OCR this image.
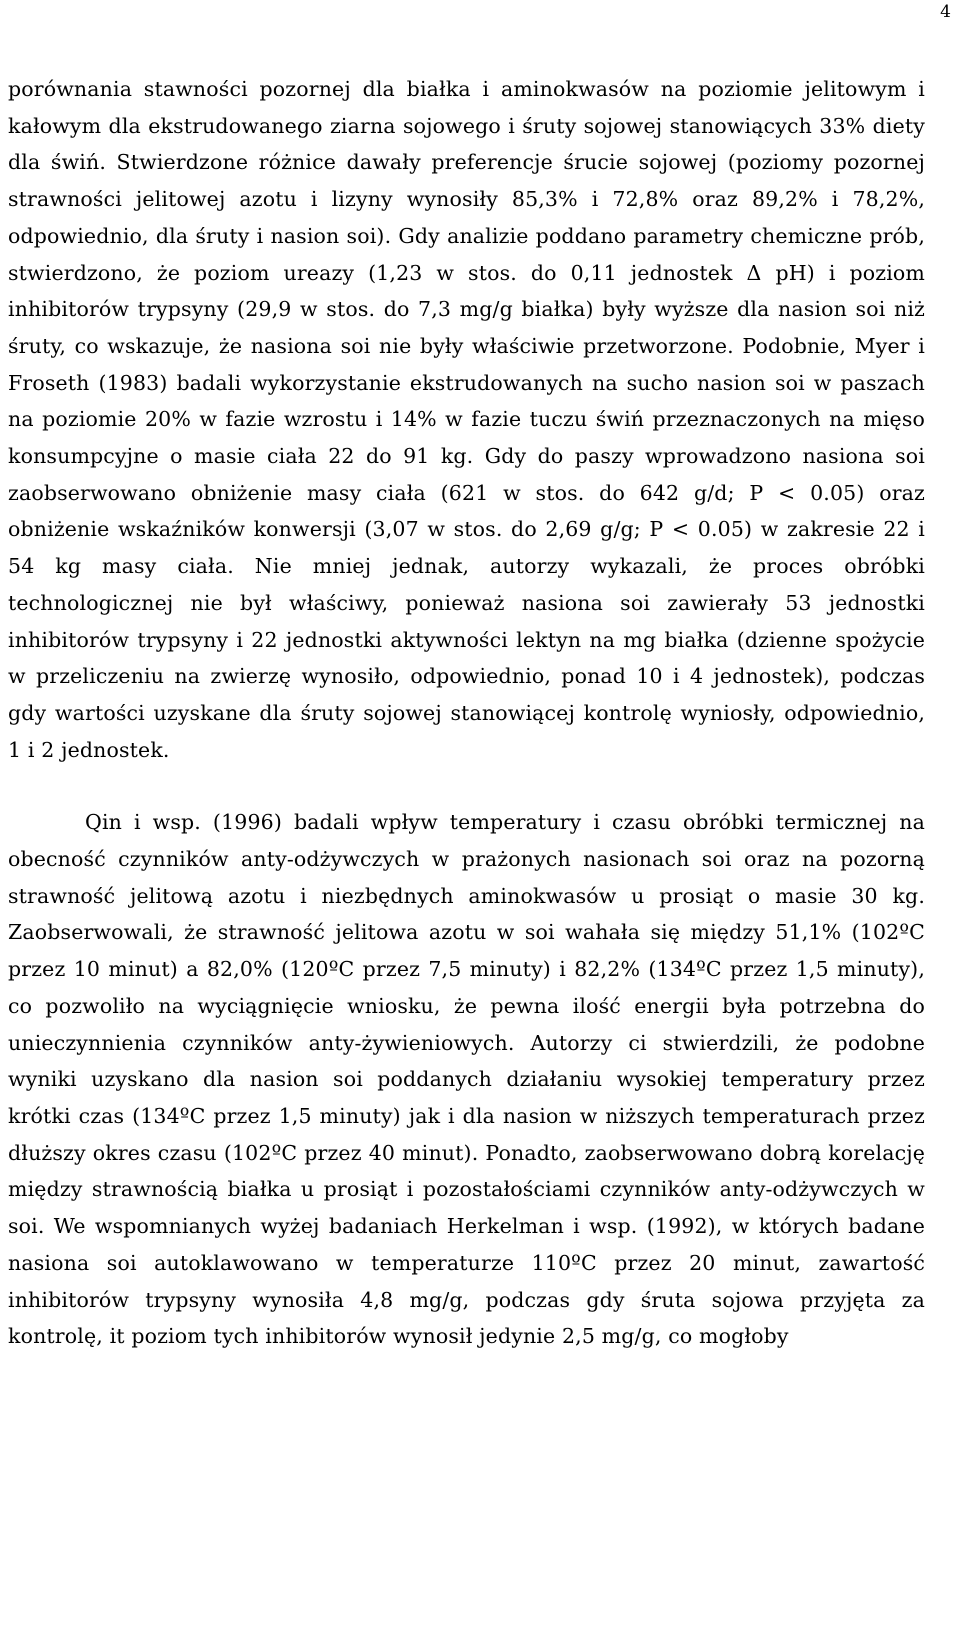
4

porównania stawności pozornej dla białka i aminokwasów na poziomie jelitowym i kałowym dla ekstrudowanego ziarna sojowego i śruty sojowej stanowiących 33% diety dla świń. Stwierdzone różnice dawały preferencje śrucie sojowej (poziomy pozornej strawności jelitowej azotu i lizyny wynosiły 85,3% i 72,8% oraz 89,2% i 78,2%, odpowiednio, dla śruty i nasion soi). Gdy analizie poddano parametry chemiczne prób, stwierdzono, że poziom ureazy (1,23 w stos. do 0,11 jednostek Δ pH) i poziom inhibitorów trypsyny (29,9 w stos. do 7,3 mg/g białka) były wyższe dla nasion soi niż śruty, co wskazuje, że nasiona soi nie były właściwie przetworzone. Podobnie, Myer i Froseth (1983) badali wykorzystanie ekstrudowanych na sucho nasion soi w paszach na poziomie 20% w fazie wzrostu i 14% w fazie tuczu świń przeznaczonych na mięso konsumpcyjne o masie ciała 22 do 91 kg. Gdy do paszy wprowadzono nasiona soi zaobserwowano obniżenie masy ciała (621 w stos. do 642 g/d; P < 0.05) oraz obniżenie wskaźników konwersji (3,07 w stos. do 2,69 g/g; P < 0.05) w zakresie 22 i 54 kg masy ciała. Nie mniej jednak, autorzy wykazali, że proces obróbki technologicznej nie był właściwy, ponieważ nasiona soi zawierały 53 jednostki inhibitorów trypsyny i 22 jednostki aktywności lektyn na mg białka (dzienne spożycie w przeliczeniu na zwierzę wynosiło, odpowiednio, ponad 10 i 4 jednostek), podczas gdy wartości uzyskane dla śruty sojowej stanowiącej kontrolę wyniosły, odpowiednio, 1 i 2 jednostek.

Qin i wsp. (1996) badali wpływ temperatury i czasu obróbki termicznej na obecność czynników anty-odżywczych w prażonych nasionach soi oraz na pozorną strawność jelitową azotu i niezbędnych aminokwasów u prosiąt o masie 30 kg. Zaobserwowali, że strawność jelitowa azotu w soi wahała się między 51,1% (102ºC przez 10 minut) a 82,0% (120ºC przez 7,5 minuty) i 82,2% (134ºC przez 1,5 minuty), co pozwoliło na wyciągnięcie wniosku, że pewna ilość energii była potrzebna do unieczynnienia czynników anty-żywieniowych. Autorzy ci stwierdzili, że podobne wyniki uzyskano dla nasion soi poddanych działaniu wysokiej temperatury przez krótki czas (134ºC przez 1,5 minuty) jak i dla nasion w niższych temperaturach przez dłuższy okres czasu (102ºC przez 40 minut). Ponadto, zaobserwowano dobrą korelację między strawnością białka u prosiąt i pozostałościami czynników anty-odżywczych w soi. We wspomnianych wyżej badaniach Herkelman i wsp. (1992), w których badane nasiona soi autoklawowano w temperaturze 110ºC przez 20 minut, zawartość inhibitorów trypsyny wynosiła 4,8 mg/g, podczas gdy śruta sojowa przyjęta za kontrolę, it poziom tych inhibitorów wynosił jedynie 2,5 mg/g, co mogłoby
